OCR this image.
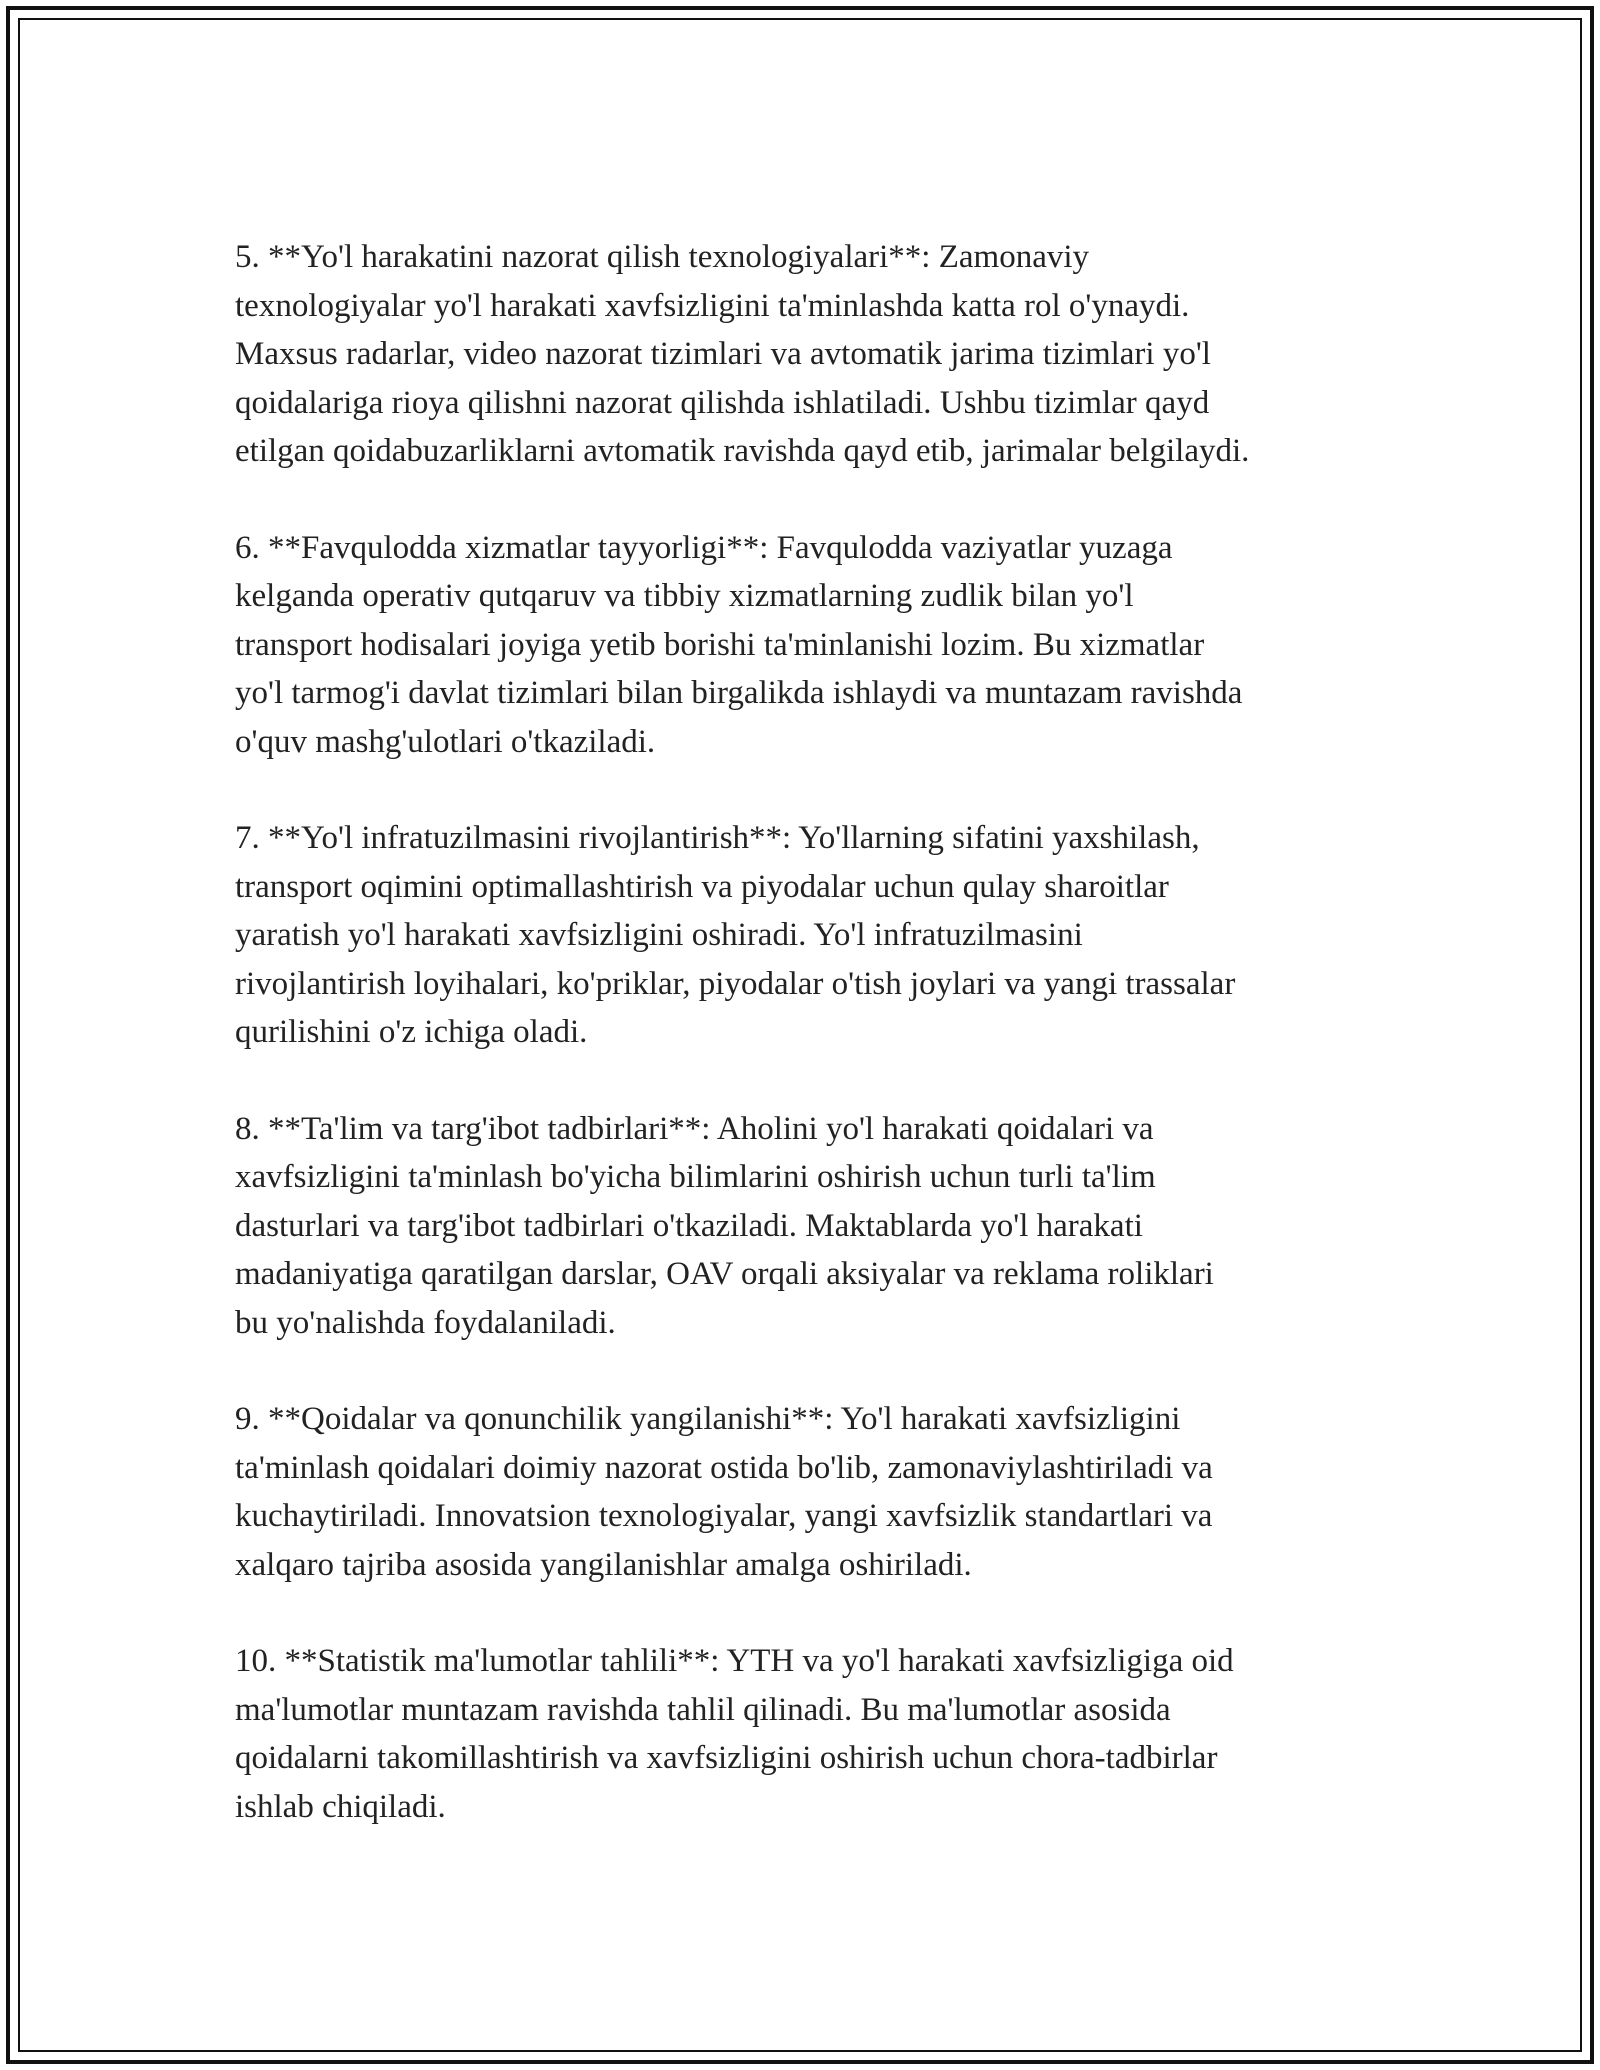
5. **Yo'l harakatini nazorat qilish texnologiyalari**: Zamonaviy
texnologiyalar yo'l harakati xavfsizligini ta'minlashda katta rol o'ynaydi.
Maxsus radarlar, video nazorat tizimlari va avtomatik jarima tizimlari yo'l
qoidalariga rioya qilishni nazorat qilishda ishlatiladi. Ushbu tizimlar qayd
etilgan qoidabuzarliklarni avtomatik ravishda qayd etib, jarimalar belgilaydi.

6. **Favqulodda xizmatlar tayyorligi**: Favqulodda vaziyatlar yuzaga
kelganda operativ qutqaruv va tibbiy xizmatlarning zudlik bilan yo'l
transport hodisalari joyiga yetib borishi ta'minlanishi lozim. Bu xizmatlar
yo'l tarmog'i davlat tizimlari bilan birgalikda ishlaydi va muntazam ravishda
o'quv mashg'ulotlari o'tkaziladi.

7. **Yo'l infratuzilmasini rivojlantirish**: Yo'llarning sifatini yaxshilash,
transport oqimini optimallashtirish va piyodalar uchun qulay sharoitlar
yaratish yo'l harakati xavfsizligini oshiradi. Yo'l infratuzilmasini
rivojlantirish loyihalari, ko'priklar, piyodalar o'tish joylari va yangi trassalar
qurilishini o'z ichiga oladi.

8. **Ta'lim va targ'ibot tadbirlari**: Aholini yo'l harakati qoidalari va
xavfsizligini ta'minlash bo'yicha bilimlarini oshirish uchun turli ta'lim
dasturlari va targ'ibot tadbirlari o'tkaziladi. Maktablarda yo'l harakati
madaniyatiga qaratilgan darslar, OAV orqali aksiyalar va reklama roliklari
bu yo'nalishda foydalaniladi.

9. **Qoidalar va qonunchilik yangilanishi**: Yo'l harakati xavfsizligini
ta'minlash qoidalari doimiy nazorat ostida bo'lib, zamonaviylashtiriladi va
kuchaytiriladi. Innovatsion texnologiyalar, yangi xavfsizlik standartlari va
xalqaro tajriba asosida yangilanishlar amalga oshiriladi.

10. **Statistik ma'lumotlar tahlili**: YTH va yo'l harakati xavfsizligiga oid
ma'lumotlar muntazam ravishda tahlil qilinadi. Bu ma'lumotlar asosida
qoidalarni takomillashtirish va xavfsizligini oshirish uchun chora-tadbirlar
ishlab chiqiladi.
